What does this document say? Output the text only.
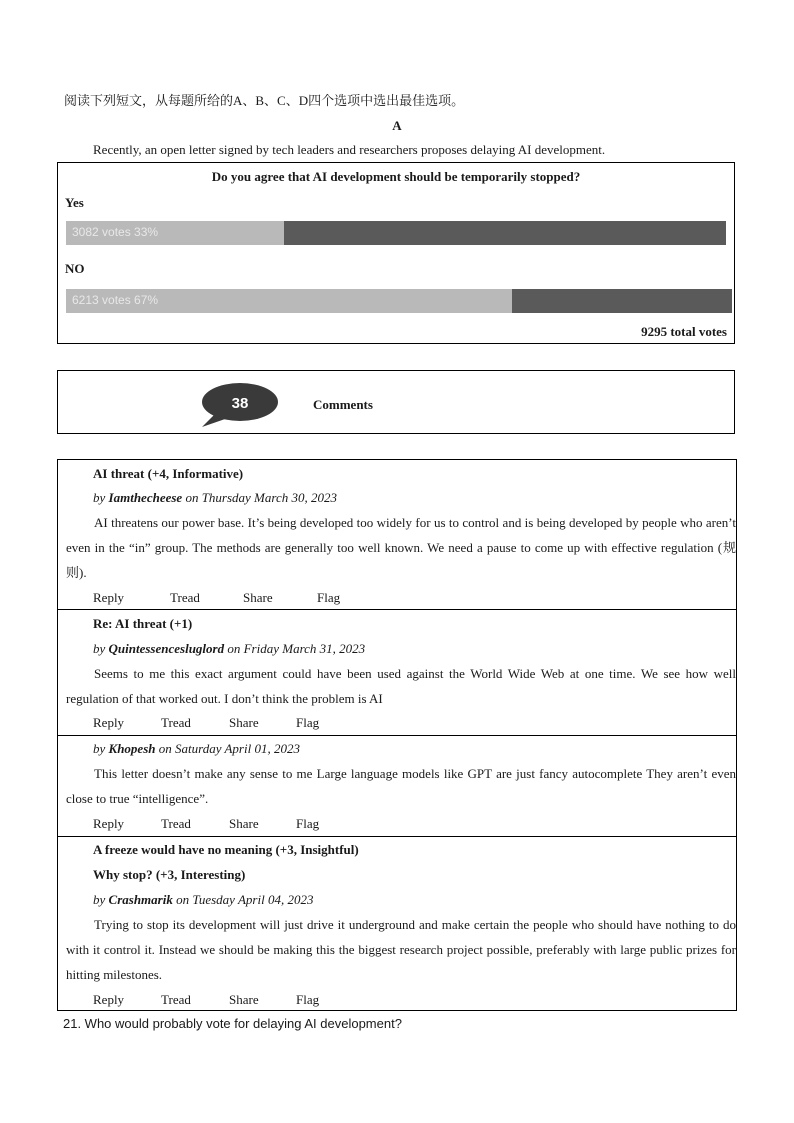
阅读下列短文，从每题所给的A、B、C、D四个选项中选出最佳选项。
A
Recently, an open letter signed by tech leaders and researchers proposes delaying AI development.
Do you agree that AI development should be temporarily stopped?
Yes
3082 votes 33%
NO
6213 votes 67%
9295 total votes
38	Comments
AI threat (+4, Informative)
by Iamthecheese on Thursday March 30, 2023
AI threatens our power base. It’s being developed too widely for us to control and is being developed by people who aren’t even in the “in” group. The methods are generally too well known. We need a pause to come up with effective regulation (规则).
Reply	Tread	Share	Flag
Re: AI threat (+1)
by Quintessencesluglord on Friday March 31, 2023
Seems to me this exact argument could have been used against the World Wide Web at one time. We see how well regulation of that worked out. I don’t think the problem is AI
Reply	Tread	Share	Flag
by Khopesh on Saturday April 01, 2023
This letter doesn’t make any sense to me Large language models like GPT are just fancy autocomplete They aren’t even close to true “intelligence”.
Reply	Tread	Share	Flag
A freeze would have no meaning (+3, Insightful)
Why stop? (+3, Interesting)
by Crashmarik on Tuesday April 04, 2023
Trying to stop its development will just drive it underground and make certain the people who should have nothing to do with it control it. Instead we should be making this the biggest research project possible, preferably with large public prizes for hitting milestones.
Reply	Tread	Share	Flag
21. Who would probably vote for delaying AI development?
